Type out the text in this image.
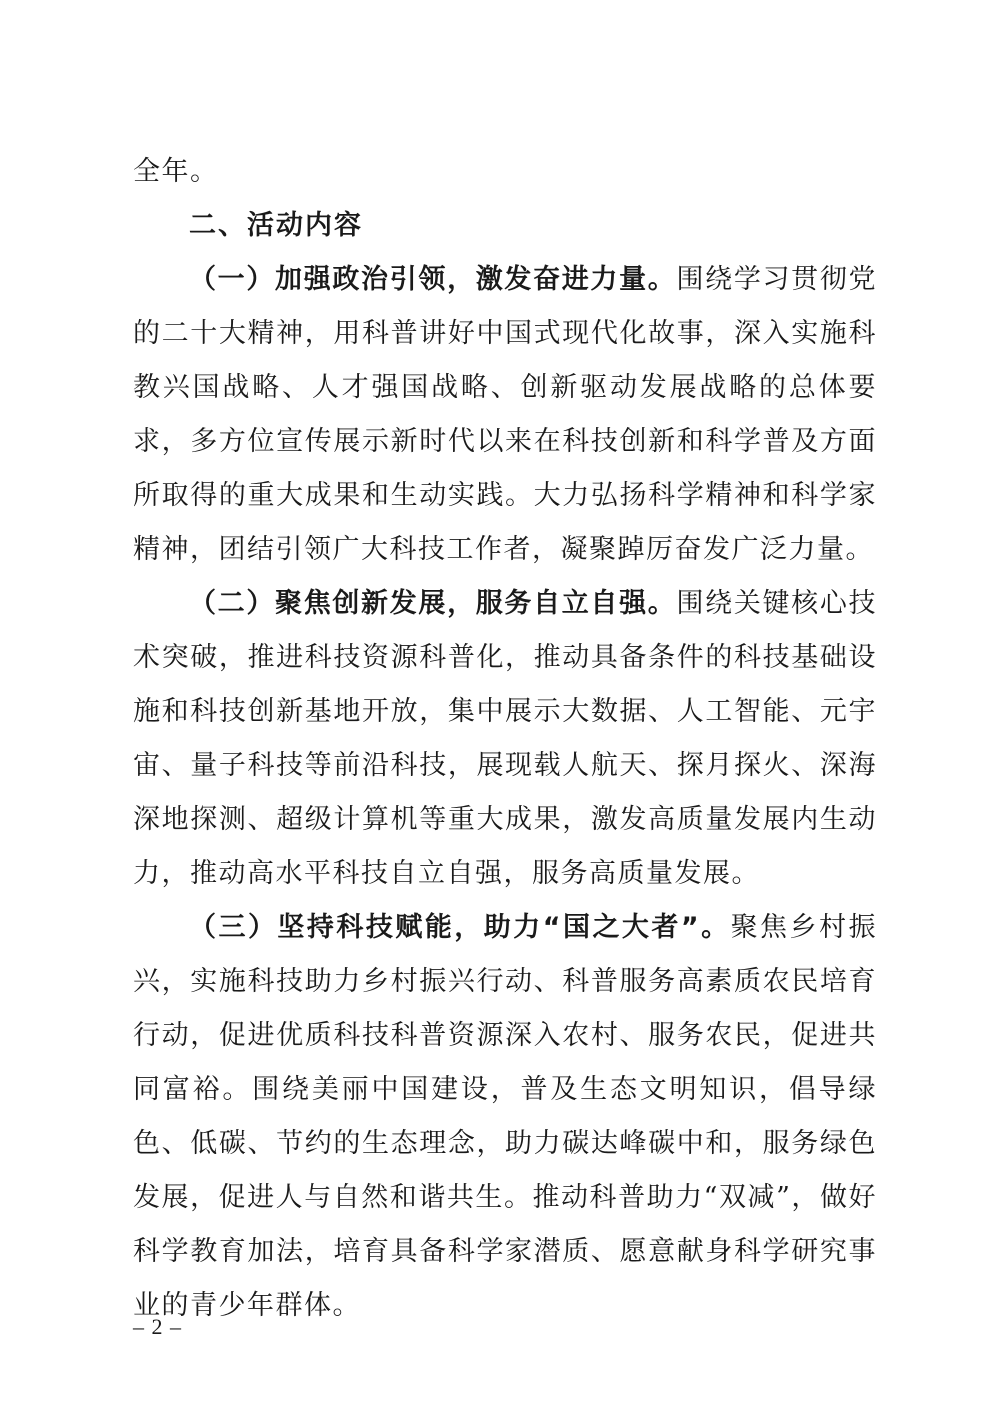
全年。

二、活动内容

（一）加强政治引领，激发奋进力量。围绕学习贯彻党的二十大精神，用科普讲好中国式现代化故事，深入实施科教兴国战略、人才强国战略、创新驱动发展战略的总体要求，多方位宣传展示新时代以来在科技创新和科学普及方面所取得的重大成果和生动实践。大力弘扬科学精神和科学家精神，团结引领广大科技工作者，凝聚踔厉奋发广泛力量。

（二）聚焦创新发展，服务自立自强。围绕关键核心技术突破，推进科技资源科普化，推动具备条件的科技基础设施和科技创新基地开放，集中展示大数据、人工智能、元宇宙、量子科技等前沿科技，展现载人航天、探月探火、深海深地探测、超级计算机等重大成果，激发高质量发展内生动力，推动高水平科技自立自强，服务高质量发展。

（三）坚持科技赋能，助力“国之大者”。聚焦乡村振兴，实施科技助力乡村振兴行动、科普服务高素质农民培育行动，促进优质科技科普资源深入农村、服务农民，促进共同富裕。围绕美丽中国建设，普及生态文明知识，倡导绿色、低碳、节约的生态理念，助力碳达峰碳中和，服务绿色发展，促进人与自然和谐共生。推动科普助力“双减”，做好科学教育加法，培育具备科学家潜质、愿意献身科学研究事业的青少年群体。

– 2 –
